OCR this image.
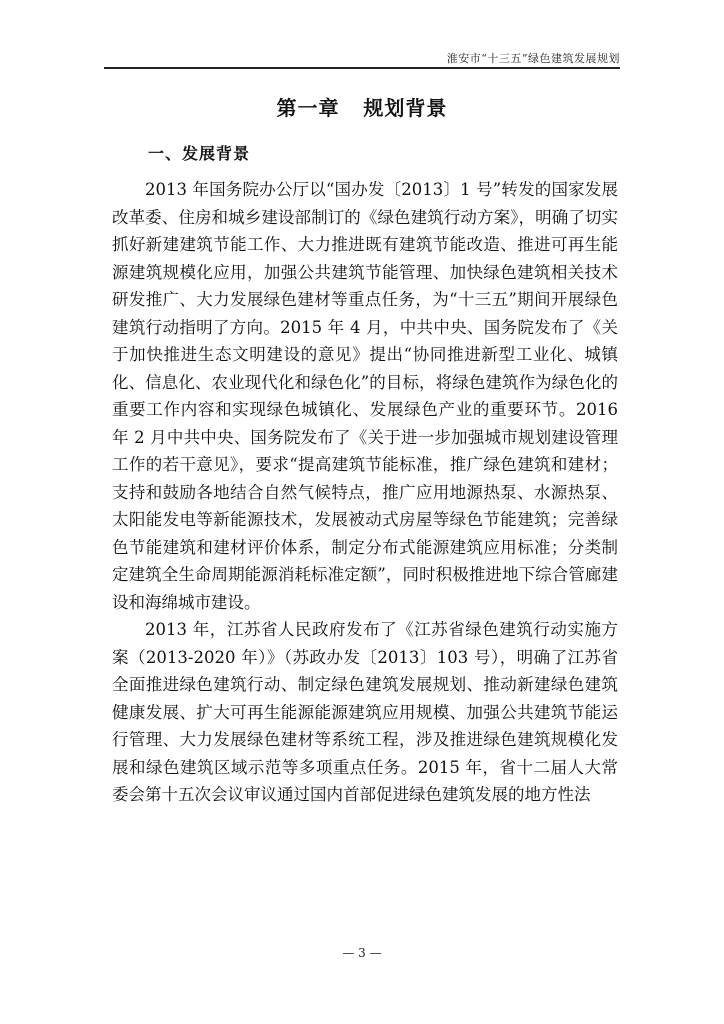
淮安市“十三五”绿色建筑发展规划
第一章   规划背景
一、发展背景

2013 年国务院办公厅以“国办发〔2013〕1 号”转发的国家发展改革委、住房和城乡建设部制订的《绿色建筑行动方案》，明确了切实抓好新建建筑节能工作、大力推进既有建筑节能改造、推进可再生能源建筑规模化应用，加强公共建筑节能管理、加快绿色建筑相关技术研发推广、大力发展绿色建材等重点任务，为“十三五”期间开展绿色建筑行动指明了方向。2015 年 4 月，中共中央、国务院发布了《关于加快推进生态文明建设的意见》提出“协同推进新型工业化、城镇化、信息化、农业现代化和绿色化”的目标，将绿色建筑作为绿色化的重要工作内容和实现绿色城镇化、发展绿色产业的重要环节。2016 年 2 月中共中央、国务院发布了《关于进一步加强城市规划建设管理工作的若干意见》，要求“提高建筑节能标准，推广绿色建筑和建材；支持和鼓励各地结合自然气候特点，推广应用地源热泵、水源热泵、太阳能发电等新能源技术，发展被动式房屋等绿色节能建筑；完善绿色节能建筑和建材评价体系，制定分布式能源建筑应用标准；分类制定建筑全生命周期能源消耗标准定额”，同时积极推进地下综合管廊建设和海绵城市建设。

2013 年，江苏省人民政府发布了《江苏省绿色建筑行动实施方案（2013-2020 年）》（苏政办发〔2013〕103 号），明确了江苏省全面推进绿色建筑行动、制定绿色建筑发展规划、推动新建绿色建筑健康发展、扩大可再生能源能源建筑应用规模、加强公共建筑节能运行管理、大力发展绿色建材等系统工程，涉及推进绿色建筑规模化发展和绿色建筑区域示范等多项重点任务。2015 年，省十二届人大常委会第十五次会议审议通过国内首部促进绿色建筑发展的地方性法

— 3 —
